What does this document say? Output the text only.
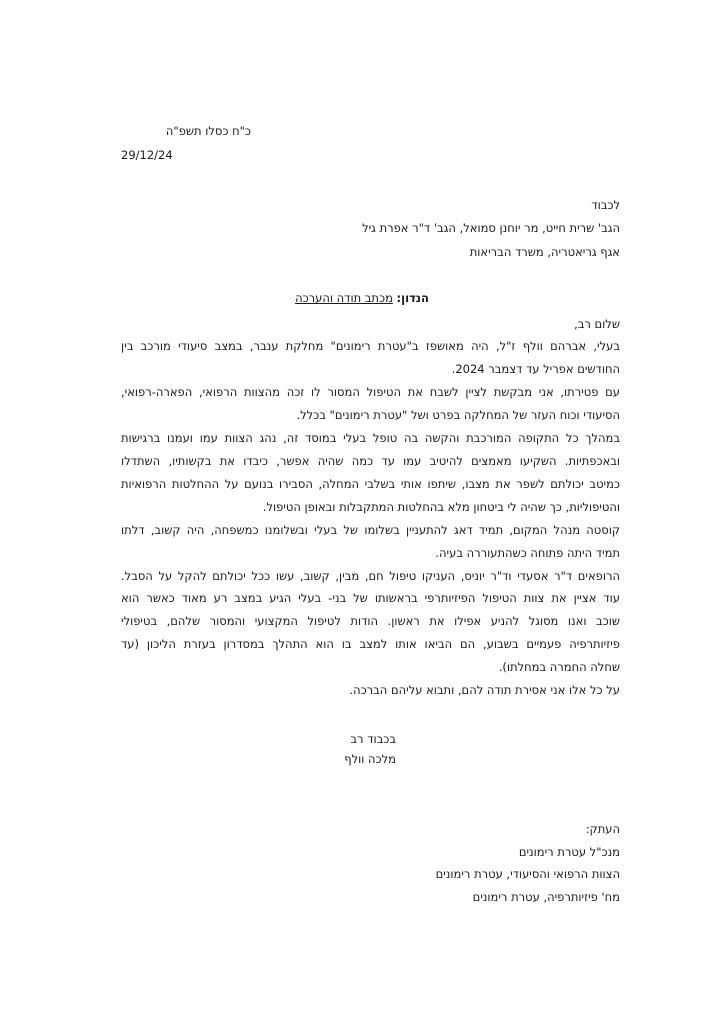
כ"ח כסלו תשפ"ה

29/12/24

לכבוד

הגב' שרית חייט, מר יוחנן סמואל, הגב' ד"ר אפרת גיל

אגף גריאטריה, משרד הבריאות

הנדון: מכתב תודה והערכה

שלום רב,

בעלי, אברהם וולף ז"ל, היה מאושפז ב"עטרת רימונים" מחלקת ענבר, במצב סיעודי מורכב בין

החודשים אפריל עד דצמבר 2024.

עם פטירתו, אני מבקשת לציין לשבח את הטיפול המסור לו זכה מהצוות הרפואי, הפארה-רפואי,

הסיעודי וכוח העזר של המחלקה בפרט ושל "עטרת רימונים" בכלל.

במהלך כל התקופה המורכבת והקשה בה טופל בעלי במוסד זה, נהג הצוות עמו ועמנו ברגישות

ובאכפתיות. השקיעו מאמצים להיטיב עמו עד כמה שהיה אפשר, כיבדו את בקשותיו, השתדלו

כמיטב יכולתם לשפר את מצבו, שיתפו אותי בשלבי המחלה, הסבירו בנועם על ההחלטות הרפואיות

והטיפוליות, כך שהיה לי ביטחון מלא בהחלטות המתקבלות ובאופן הטיפול.

קוסטה מנהל המקום, תמיד דאג להתעניין בשלומו של בעלי ובשלומנו כמשפחה, היה קשוב, דלתו

תמיד היתה פתוחה כשהתעוררה בעיה.

הרופאים ד"ר אסעדי וד"ר יוניס, העניקו טיפול חם, מבין, קשוב, עשו ככל יכולתם להקל על הסבל.

עוד אציין את צוות הטיפול הפיזיותרפי בראשותו של בני- בעלי הגיע במצב רע מאוד כאשר הוא

שוכב ואנו מסוגל להניע אפילו את ראשון. הודות לטיפול המקצועי והמסור שלהם, בטיפולי

פיזיותרפיה פעמיים בשבוע, הם הביאו אותו למצב בו הוא התהלך במסדרון בעזרת הליכון (עד

שחלה החמרה במחלתו).

על כל אלו אני אסירת תודה להם, ותבוא עליהם הברכה.

בכבוד רב

מלכה וולף

העתק:

מנכ"ל עטרת רימונים

הצוות הרפואי והסיעודי, עטרת רימונים

מח' פיזיותרפיה, עטרת רימונים
